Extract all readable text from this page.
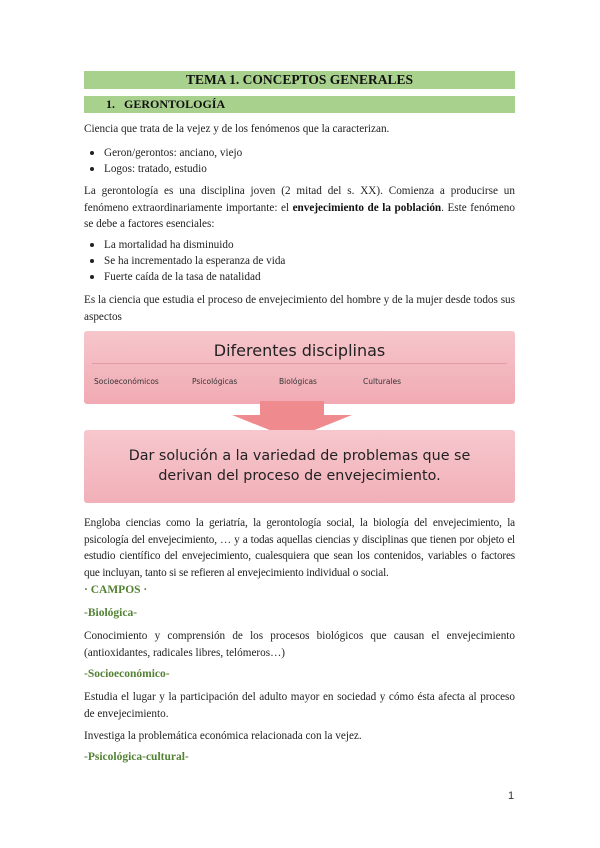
TEMA 1. CONCEPTOS GENERALES
1. GERONTOLOGÍA
Ciencia que trata de la vejez y de los fenómenos que la caracterizan.
Geron/gerontos: anciano, viejo
Logos: tratado, estudio
La gerontología es una disciplina joven (2 mitad del s. XX). Comienza a producirse un fenómeno extraordinariamente importante: el envejecimiento de la población. Este fenómeno se debe a factores esenciales:
La mortalidad ha disminuido
Se ha incrementado la esperanza de vida
Fuerte caída de la tasa de natalidad
Es la ciencia que estudia el proceso de envejecimiento del hombre y de la mujer desde todos sus aspectos
Diferentes disciplinas
Socioeconómicos	Psicológicas	Biológicas	Culturales
Dar solución a la variedad de problemas que se
derivan del proceso de envejecimiento.
Engloba ciencias como la geriatría, la gerontología social, la biología del envejecimiento, la psicología del envejecimiento, … y a todas aquellas ciencias y disciplinas que tienen por objeto el estudio científico del envejecimiento, cualesquiera que sean los contenidos, variables o factores que incluyan, tanto si se refieren al envejecimiento individual o social.
· CAMPOS ·
-Biológica-
Conocimiento y comprensión de los procesos biológicos que causan el envejecimiento (antioxidantes, radicales libres, telómeros…)
-Socioeconómico-
Estudia el lugar y la participación del adulto mayor en sociedad y cómo ésta afecta al proceso de envejecimiento.
Investiga la problemática económica relacionada con la vejez.
-Psicológica-cultural-
1
